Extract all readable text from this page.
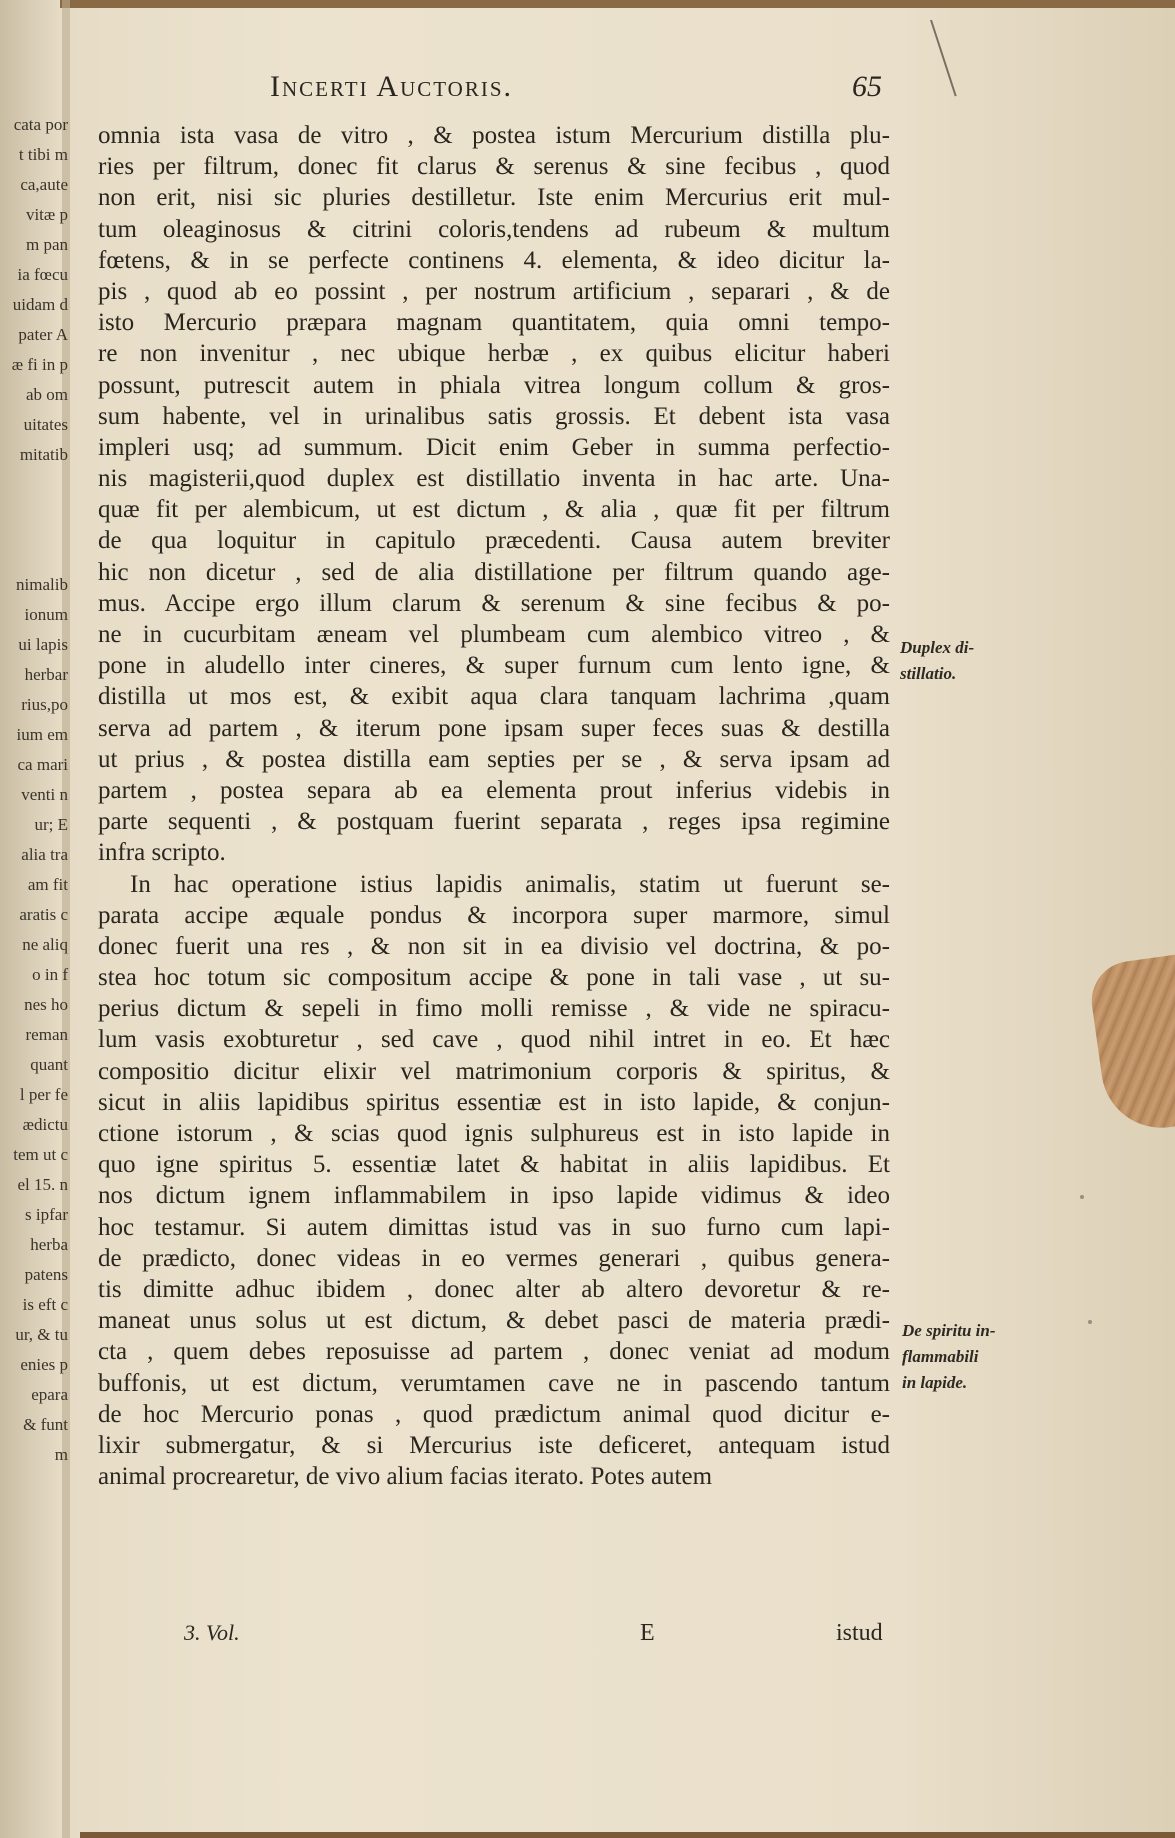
cata por
t tibi m
ca,aute
vitæ p
m pan
ia fœcu
uidam d
pater A
æ fi in p
ab om
uitates
mitatib
nimalib
ionum
ui lapis
herbar
rius,po
ium em
ca mari
venti n
ur; E
alia tra
am fit
aratis c
ne aliq
o in f
nes ho
reman
quant
l per fe
ædictu
tem ut c
el 15. n
s ipfar
herba
patens
is eft c
ur, & tu
enies p
epara
& funt
m
Incerti Auctoris.	65
omnia ista vasa de vitro , & postea istum Mercurium distilla plu-
ries per filtrum, donec fit clarus & serenus & sine fecibus , quod
non erit, nisi sic pluries destilletur. Iste enim Mercurius erit mul-
tum oleaginosus & citrini coloris,tendens ad rubeum & multum
fœtens, & in se perfecte continens 4. elementa, & ideo dicitur la-
pis , quod ab eo possint , per nostrum artificium , separari , & de
isto Mercurio præpara magnam quantitatem, quia omni tempo-
re non invenitur , nec ubique herbæ , ex quibus elicitur haberi
possunt, putrescit autem in phiala vitrea longum collum & gros-
sum habente, vel in urinalibus satis grossis. Et debent ista vasa
impleri usq; ad summum. Dicit enim Geber in summa perfectio-
nis magisterii,quod duplex est distillatio inventa in hac arte. Una-
quæ fit per alembicum, ut est dictum , & alia , quæ fit per filtrum
de qua loquitur in capitulo præcedenti. Causa autem breviter
hic non dicetur , sed de alia distillatione per filtrum quando age-
mus. Accipe ergo illum clarum & serenum & sine fecibus & po-
ne in cucurbitam æneam vel plumbeam cum alembico vitreo , &
pone in aludello inter cineres, & super furnum cum lento igne, &
distilla ut mos est, & exibit aqua clara tanquam lachrima ,quam
serva ad partem , & iterum pone ipsam super feces suas & destilla
ut prius , & postea distilla eam septies per se , & serva ipsam ad
partem , postea separa ab ea elementa prout inferius videbis in
parte sequenti , & postquam fuerint separata , reges ipsa regimine
infra scripto.
In hac operatione istius lapidis animalis, statim ut fuerunt se-
parata accipe æquale pondus & incorpora super marmore, simul
donec fuerit una res , & non sit in ea divisio vel doctrina, & po-
stea hoc totum sic compositum accipe & pone in tali vase , ut su-
perius dictum & sepeli in fimo molli remisse , & vide ne spiracu-
lum vasis exobturetur , sed cave , quod nihil intret in eo. Et hæc
compositio dicitur elixir vel matrimonium corporis & spiritus, &
sicut in aliis lapidibus spiritus essentiæ est in isto lapide, & conjun-
ctione istorum , & scias quod ignis sulphureus est in isto lapide in
quo igne spiritus 5. essentiæ latet & habitat in aliis lapidibus. Et
nos dictum ignem inflammabilem in ipso lapide vidimus & ideo
hoc testamur. Si autem dimittas istud vas in suo furno cum lapi-
de prædicto, donec videas in eo vermes generari , quibus genera-
tis dimitte adhuc ibidem , donec alter ab altero devoretur & re-
maneat unus solus ut est dictum, & debet pasci de materia prædi-
cta , quem debes reposuisse ad partem , donec veniat ad modum
buffonis, ut est dictum, verumtamen cave ne in pascendo tantum
de hoc Mercurio ponas , quod prædictum animal quod dicitur e-
lixir submergatur, & si Mercurius iste deficeret, antequam istud
animal procrearetur, de vivo alium facias iterato. Potes autem
Duplex di-
stillatio.
De spiritu in-
flammabili
in lapide.
3. Vol.	E	istud
